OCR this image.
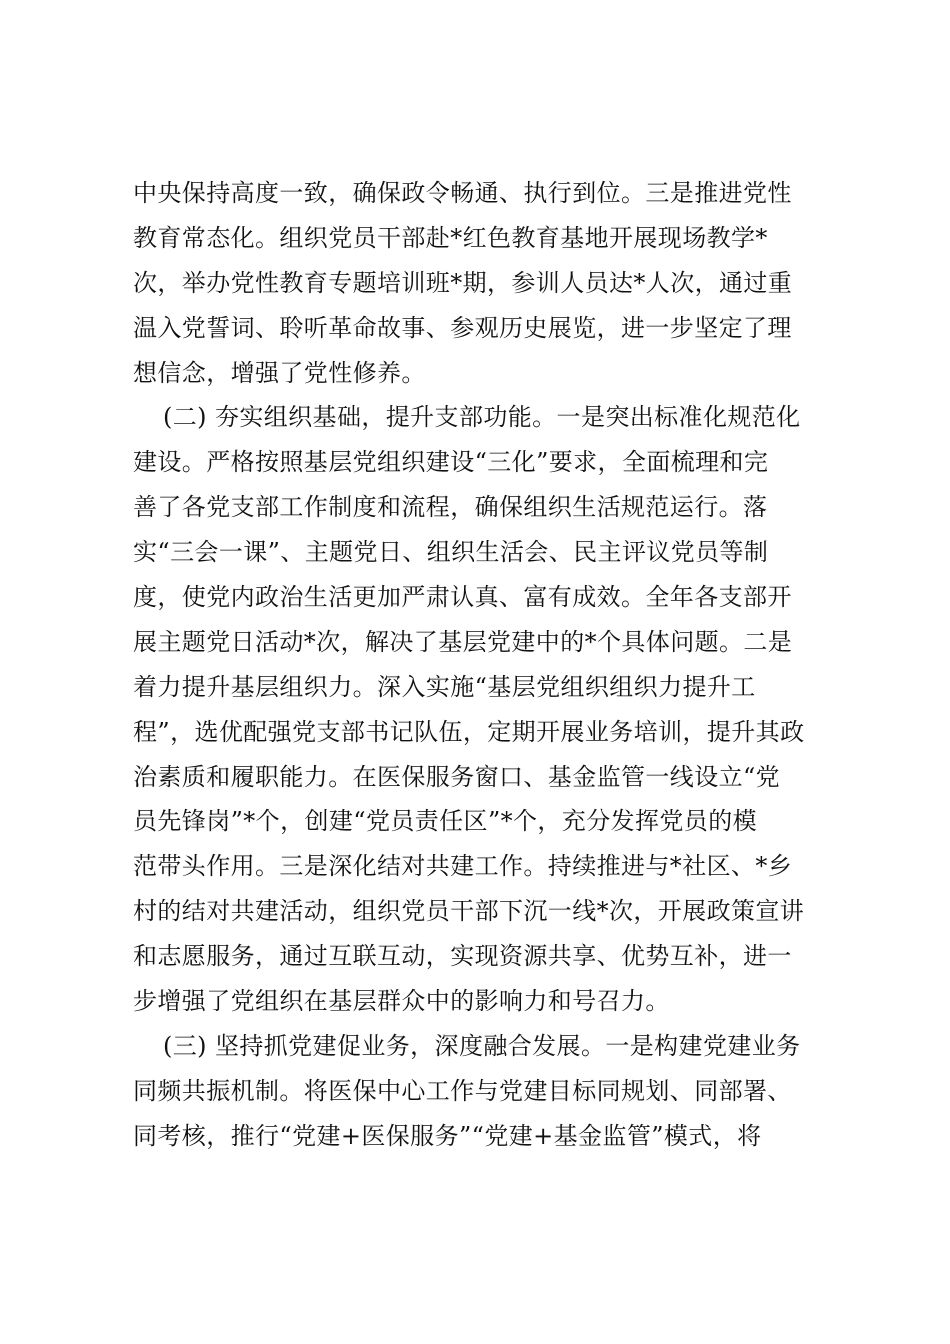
中央保持高度一致，确保政令畅通、执行到位。三是推进党性
教育常态化。组织党员干部赴*红色教育基地开展现场教学*
次，举办党性教育专题培训班*期，参训人员达*人次，通过重
温入党誓词、聆听革命故事、参观历史展览，进一步坚定了理
想信念，增强了党性修养。
(二) 夯实组织基础，提升支部功能。一是突出标准化规范化
建设。严格按照基层党组织建设“三化”要求，全面梳理和完
善了各党支部工作制度和流程，确保组织生活规范运行。落
实“三会一课”、主题党日、组织生活会、民主评议党员等制
度，使党内政治生活更加严肃认真、富有成效。全年各支部开
展主题党日活动*次，解决了基层党建中的*个具体问题。二是
着力提升基层组织力。深入实施“基层党组织组织力提升工
程”，选优配强党支部书记队伍，定期开展业务培训，提升其政
治素质和履职能力。在医保服务窗口、基金监管一线设立“党
员先锋岗”*个，创建“党员责任区”*个，充分发挥党员的模
范带头作用。三是深化结对共建工作。持续推进与*社区、*乡
村的结对共建活动，组织党员干部下沉一线*次，开展政策宣讲
和志愿服务，通过互联互动，实现资源共享、优势互补，进一
步增强了党组织在基层群众中的影响力和号召力。
(三) 坚持抓党建促业务，深度融合发展。一是构建党建业务
同频共振机制。将医保中心工作与党建目标同规划、同部署、
同考核，推行“党建+医保服务”“党建+基金监管”模式，将
